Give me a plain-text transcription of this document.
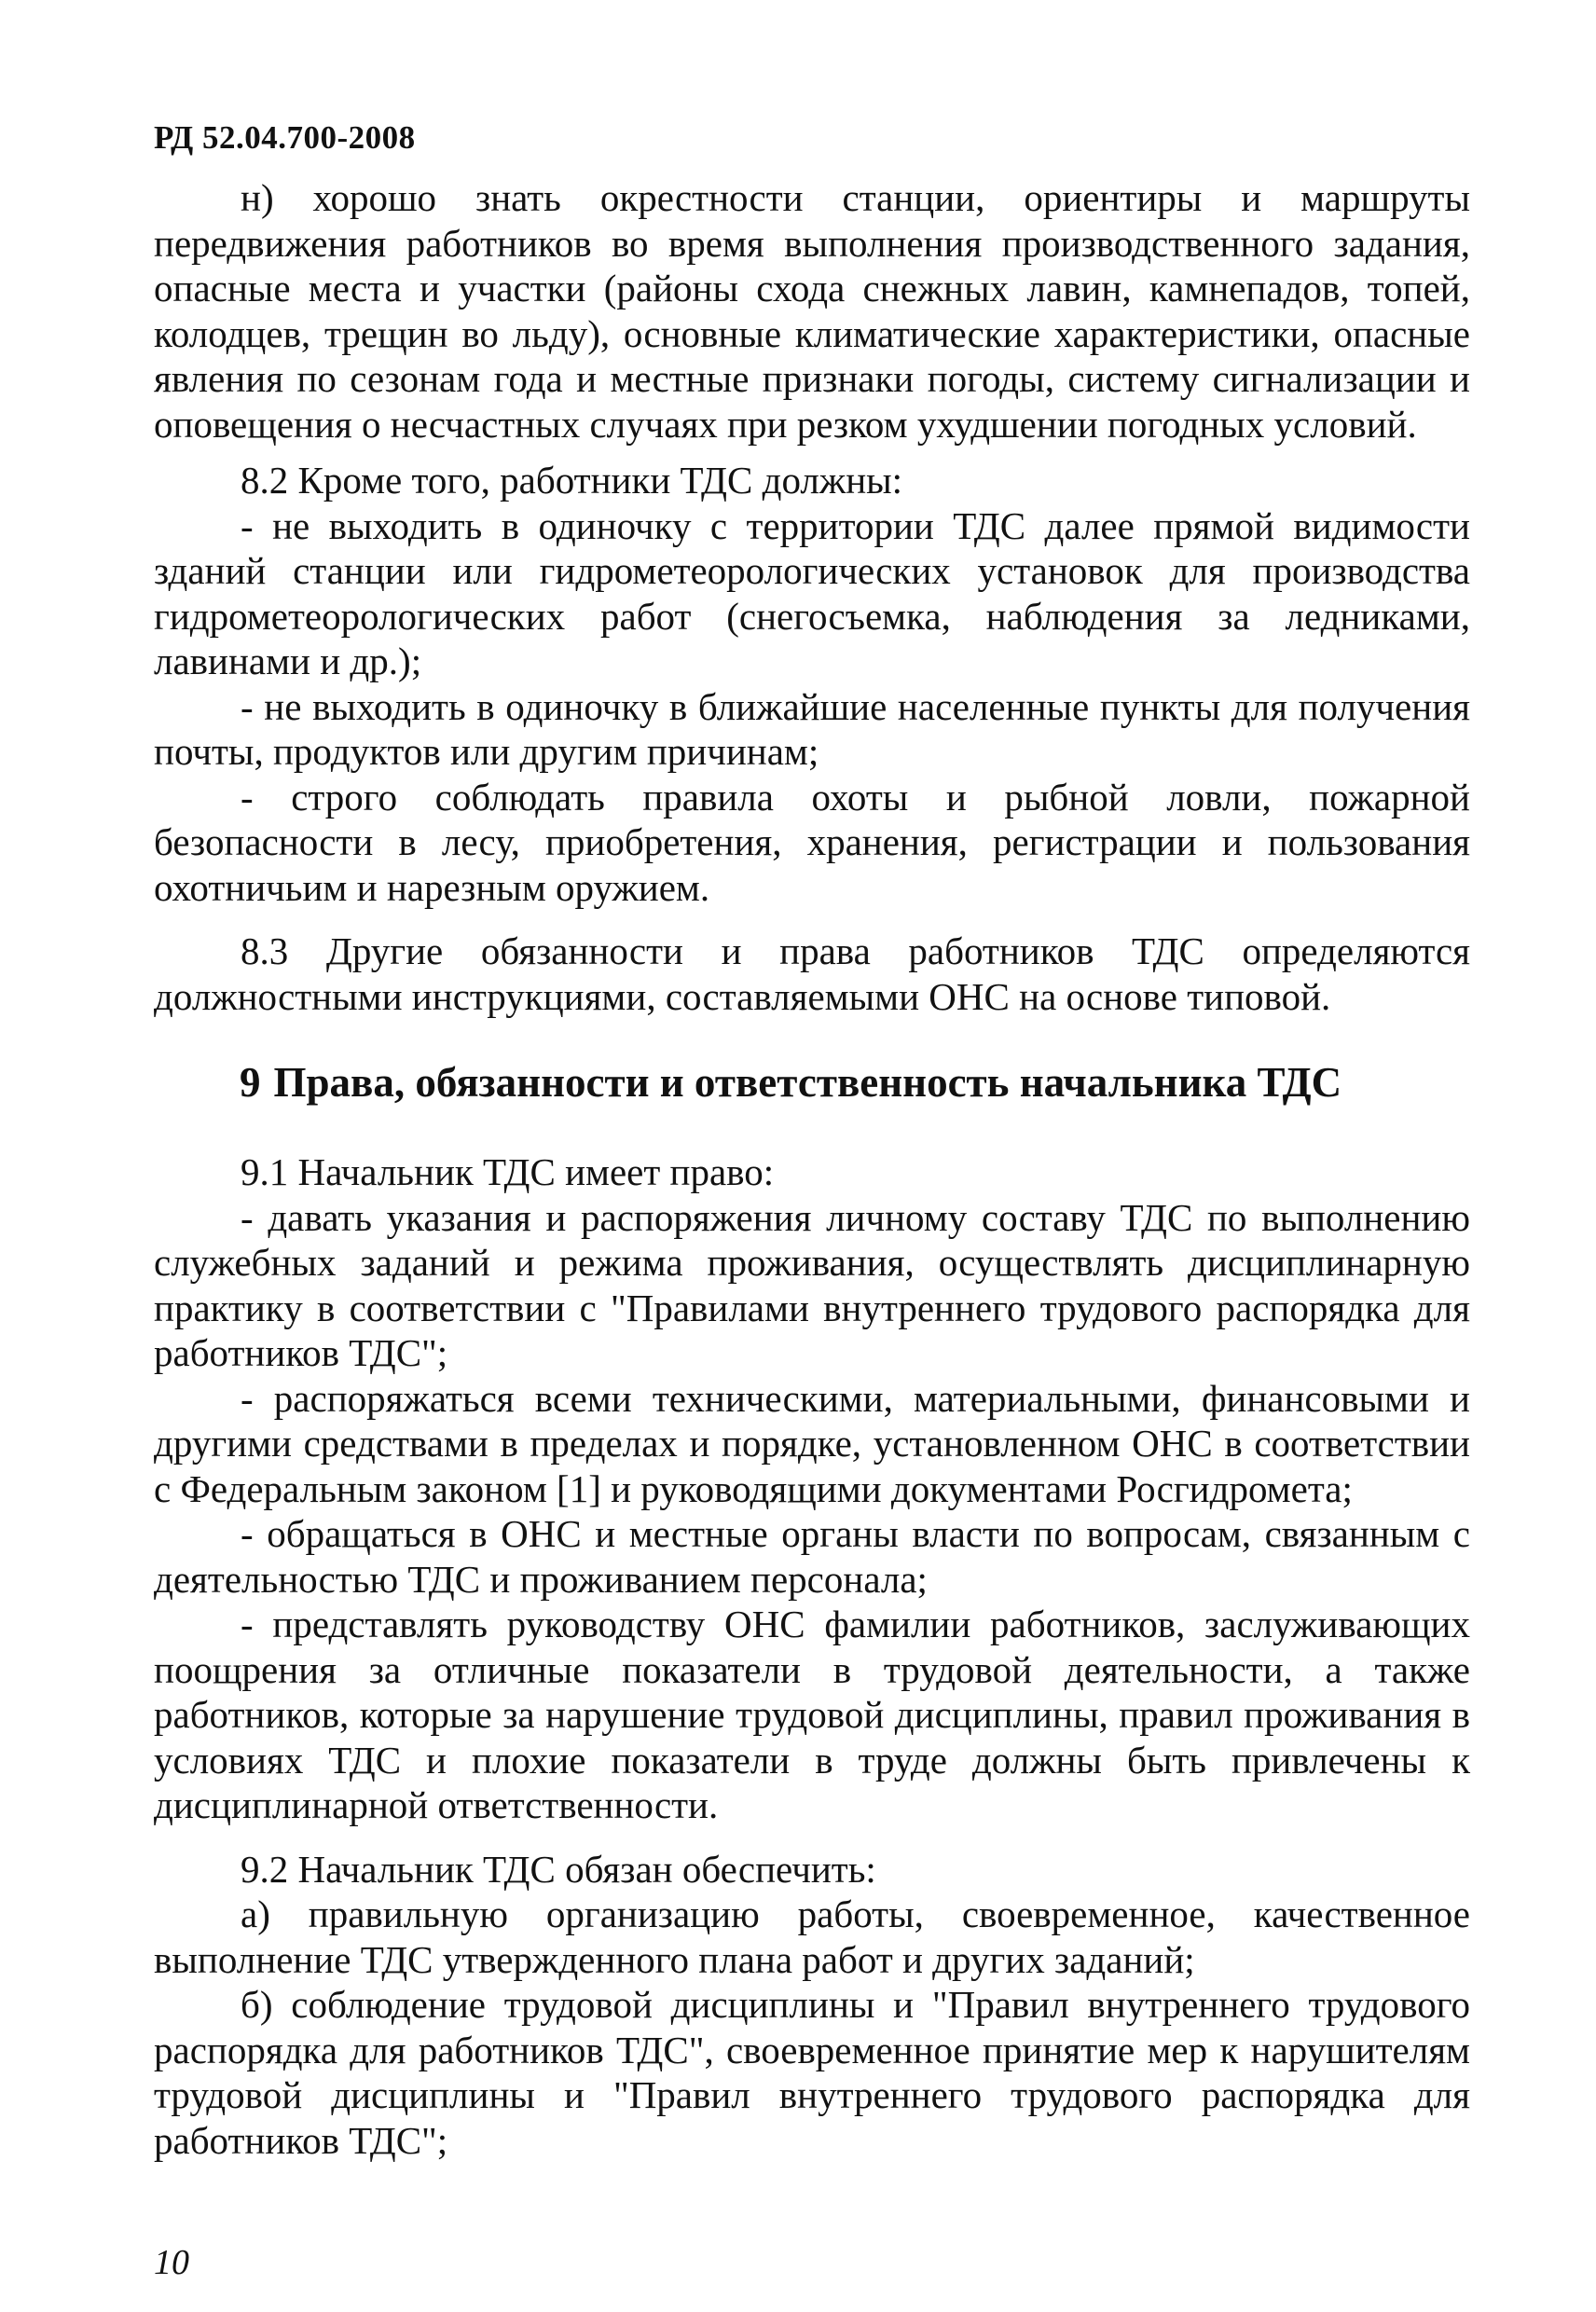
РД 52.04.700-2008

н) хорошо знать окрестности станции, ориентиры и маршруты передвижения работников во время выполнения производственного задания, опасные места и участки (районы схода снежных лавин, камнепадов, топей, колодцев, трещин во льду), основные климатические характеристики, опасные явления по сезонам года и местные признаки погоды, систему сигнализации и оповещения о несчастных случаях при резком ухудшении погодных условий.

8.2 Кроме того, работники ТДС должны:

- не выходить в одиночку с территории ТДС далее прямой видимости зданий станции или гидрометеорологических установок для производства гидрометеорологических работ (снегосъемка, наблюдения за ледниками, лавинами и др.);

- не выходить в одиночку в ближайшие населенные пункты для получения почты, продуктов или другим причинам;

- строго соблюдать правила охоты и рыбной ловли, пожарной безопасности в лесу, приобретения, хранения, регистрации и пользования охотничьим и нарезным оружием.

8.3 Другие обязанности и права работников ТДС определяются должностными инструкциями, составляемыми ОНС на основе типовой.

9 Права, обязанности и ответственность начальника ТДС

9.1 Начальник ТДС имеет право:

- давать указания и распоряжения личному составу ТДС по выполнению служебных заданий и режима проживания, осуществлять дисциплинарную практику в соответствии с "Правилами внутреннего трудового распорядка для работников ТДС";

- распоряжаться всеми техническими, материальными, финансовыми и другими средствами в пределах и порядке, установленном ОНС в соответствии с Федеральным законом [1] и руководящими документами Росгидромета;

- обращаться в ОНС и местные органы власти по вопросам, связанным с деятельностью ТДС и проживанием персонала;

- представлять руководству ОНС фамилии работников, заслуживающих поощрения за отличные показатели в трудовой деятельности, а также работников, которые за нарушение трудовой дисциплины, правил проживания в условиях ТДС и плохие показатели в труде должны быть привлечены к дисциплинарной ответственности.

9.2 Начальник ТДС обязан обеспечить:

а) правильную организацию работы, своевременное, качественное выполнение ТДС утвержденного плана работ и других заданий;

б) соблюдение трудовой дисциплины и "Правил внутреннего трудового распорядка для работников ТДС", своевременное принятие мер к нарушителям трудовой дисциплины и "Правил внутреннего трудового распорядка для работников ТДС";

10
